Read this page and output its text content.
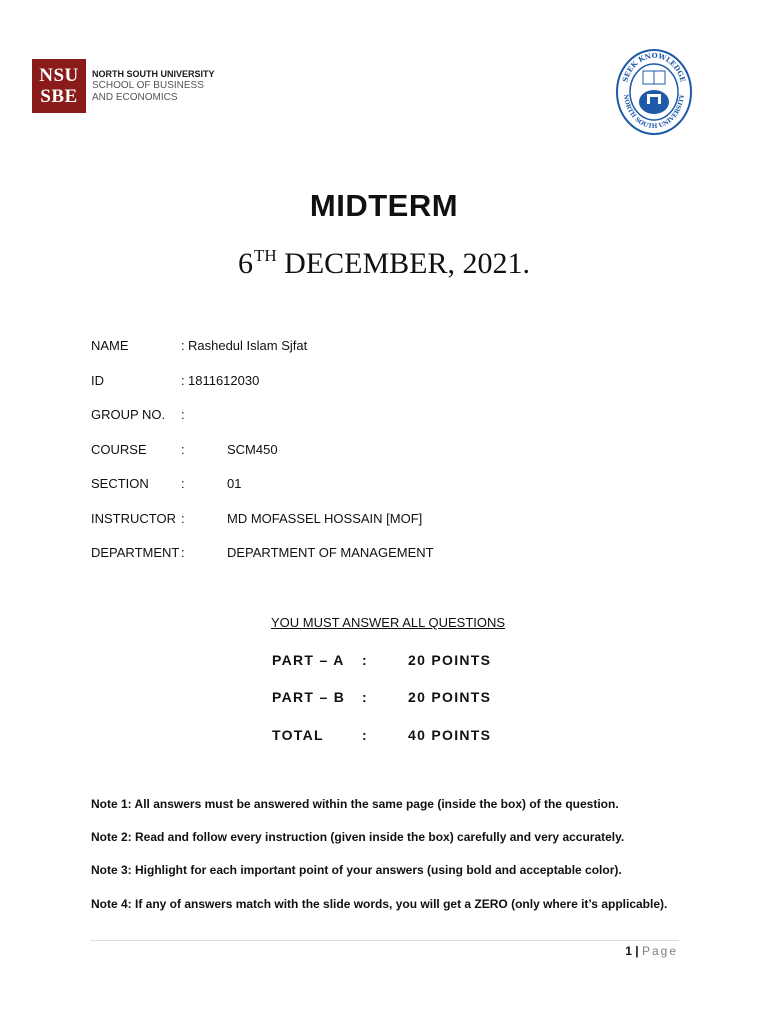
NSU
SBE
NORTH SOUTH UNIVERSITY
SCHOOL OF BUSINESS
AND ECONOMICS
SEEK KNOWLEDGE
NORTH SOUTH UNIVERSITY
MIDTERM
6TH DECEMBER, 2021.
NAME	: Rashedul Islam Sjfat
ID	: 1811612030
GROUP NO. :
COURSE	:	SCM450
SECTION :	01
INSTRUCTOR :	MD MOFASSEL HOSSAIN [MOF]
DEPARTMENT :	DEPARTMENT OF MANAGEMENT
YOU MUST ANSWER ALL QUESTIONS
PART – A :	20 POINTS
PART – B :	20 POINTS
TOTAL	:	40 POINTS
Note 1: All answers must be answered within the same page (inside the box) of the question.
Note 2: Read and follow every instruction (given inside the box) carefully and very accurately.
Note 3: Highlight for each important point of your answers (using bold and acceptable color).
Note 4: If any of answers match with the slide words, you will get a ZERO (only where it’s applicable).
1 | Page
